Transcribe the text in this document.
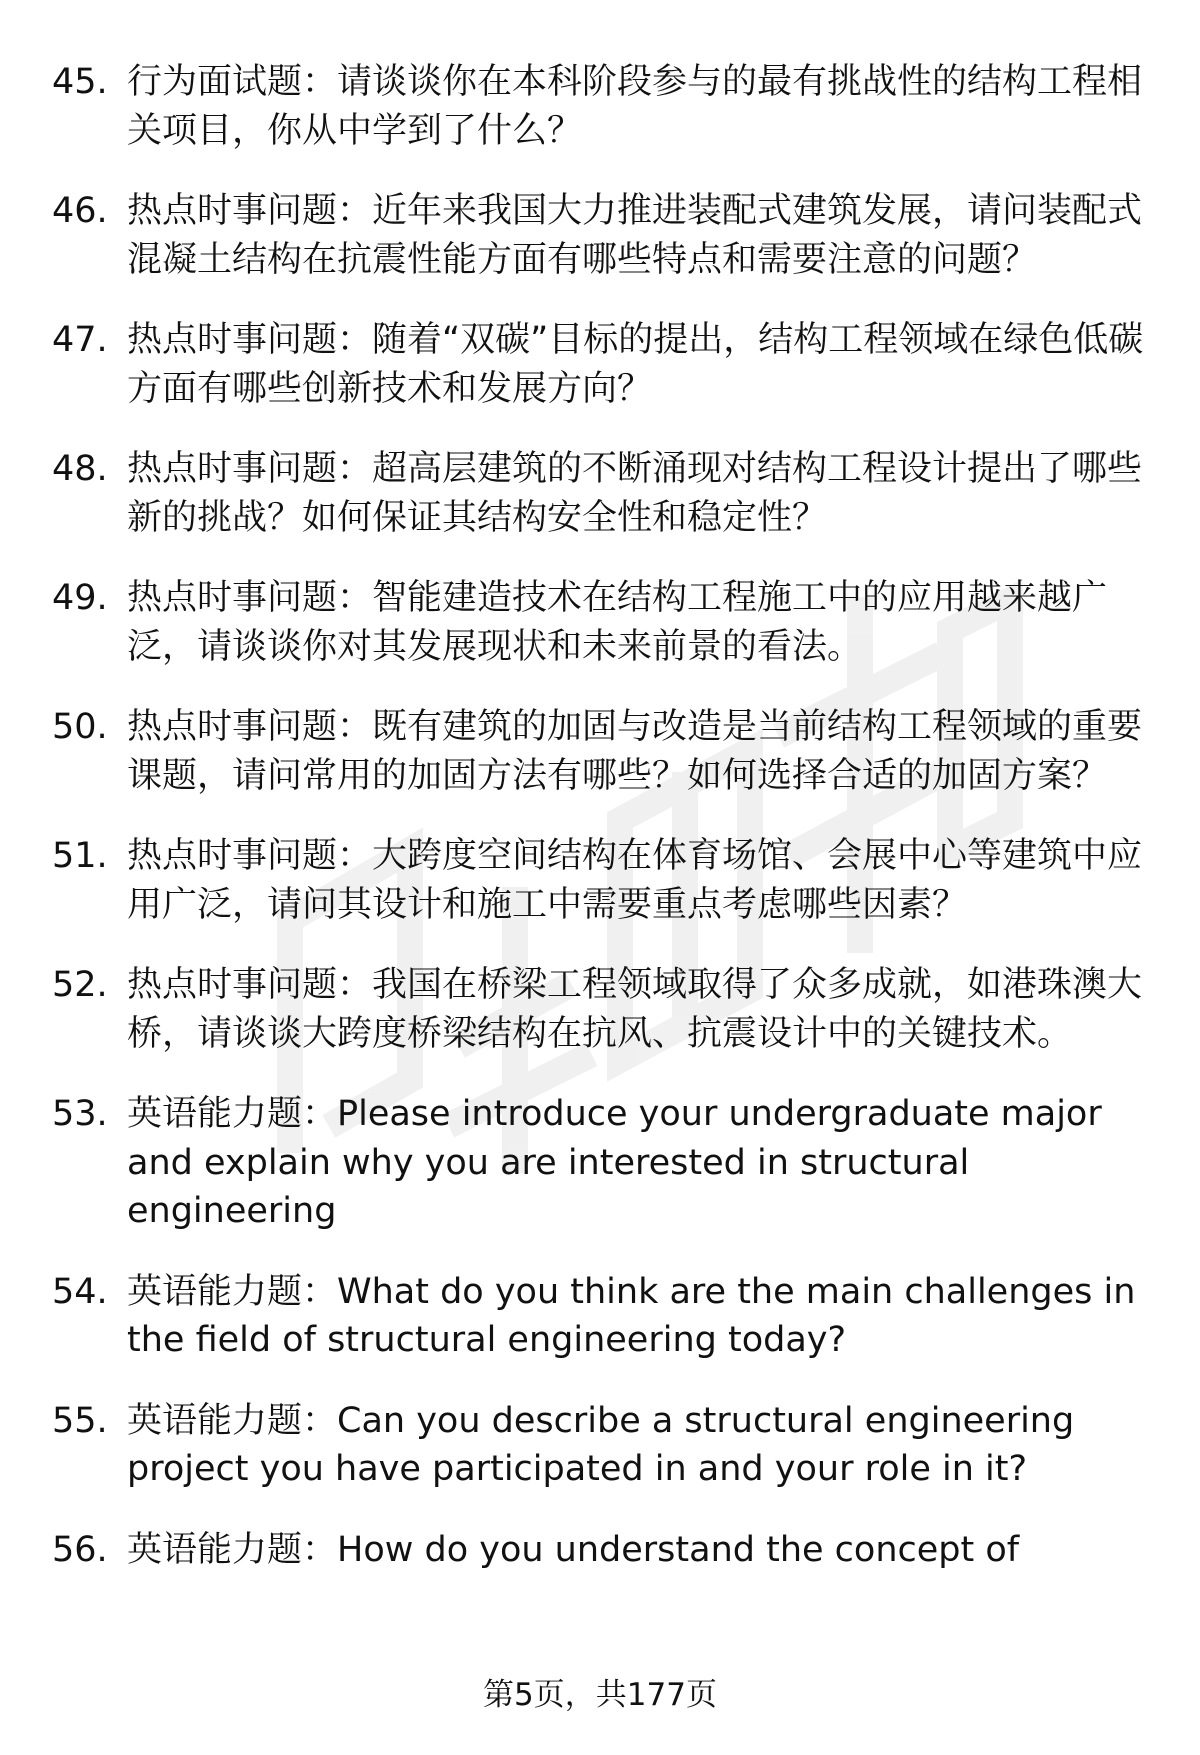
45. 行为面试题：请谈谈你在本科阶段参与的最有挑战性的结构工程相关项目，你从中学到了什么？
46. 热点时事问题：近年来我国大力推进装配式建筑发展，请问装配式混凝土结构在抗震性能方面有哪些特点和需要注意的问题？
47. 热点时事问题：随着“双碳”目标的提出，结构工程领域在绿色低碳方面有哪些创新技术和发展方向？
48. 热点时事问题：超高层建筑的不断涌现对结构工程设计提出了哪些新的挑战？如何保证其结构安全性和稳定性？
49. 热点时事问题：智能建造技术在结构工程施工中的应用越来越广泛，请谈谈你对其发展现状和未来前景的看法。
50. 热点时事问题：既有建筑的加固与改造是当前结构工程领域的重要课题，请问常用的加固方法有哪些？如何选择合适的加固方案？
51. 热点时事问题：大跨度空间结构在体育场馆、会展中心等建筑中应用广泛，请问其设计和施工中需要重点考虑哪些因素？
52. 热点时事问题：我国在桥梁工程领域取得了众多成就，如港珠澳大桥，请谈谈大跨度桥梁结构在抗风、抗震设计中的关键技术。
53. 英语能力题：Please introduce your undergraduate major and explain why you are interested in structural engineering
54. 英语能力题：What do you think are the main challenges in the field of structural engineering today?
55. 英语能力题：Can you describe a structural engineering project you have participated in and your role in it?
56. 英语能力题：How do you understand the concept of
第5页，共177页
